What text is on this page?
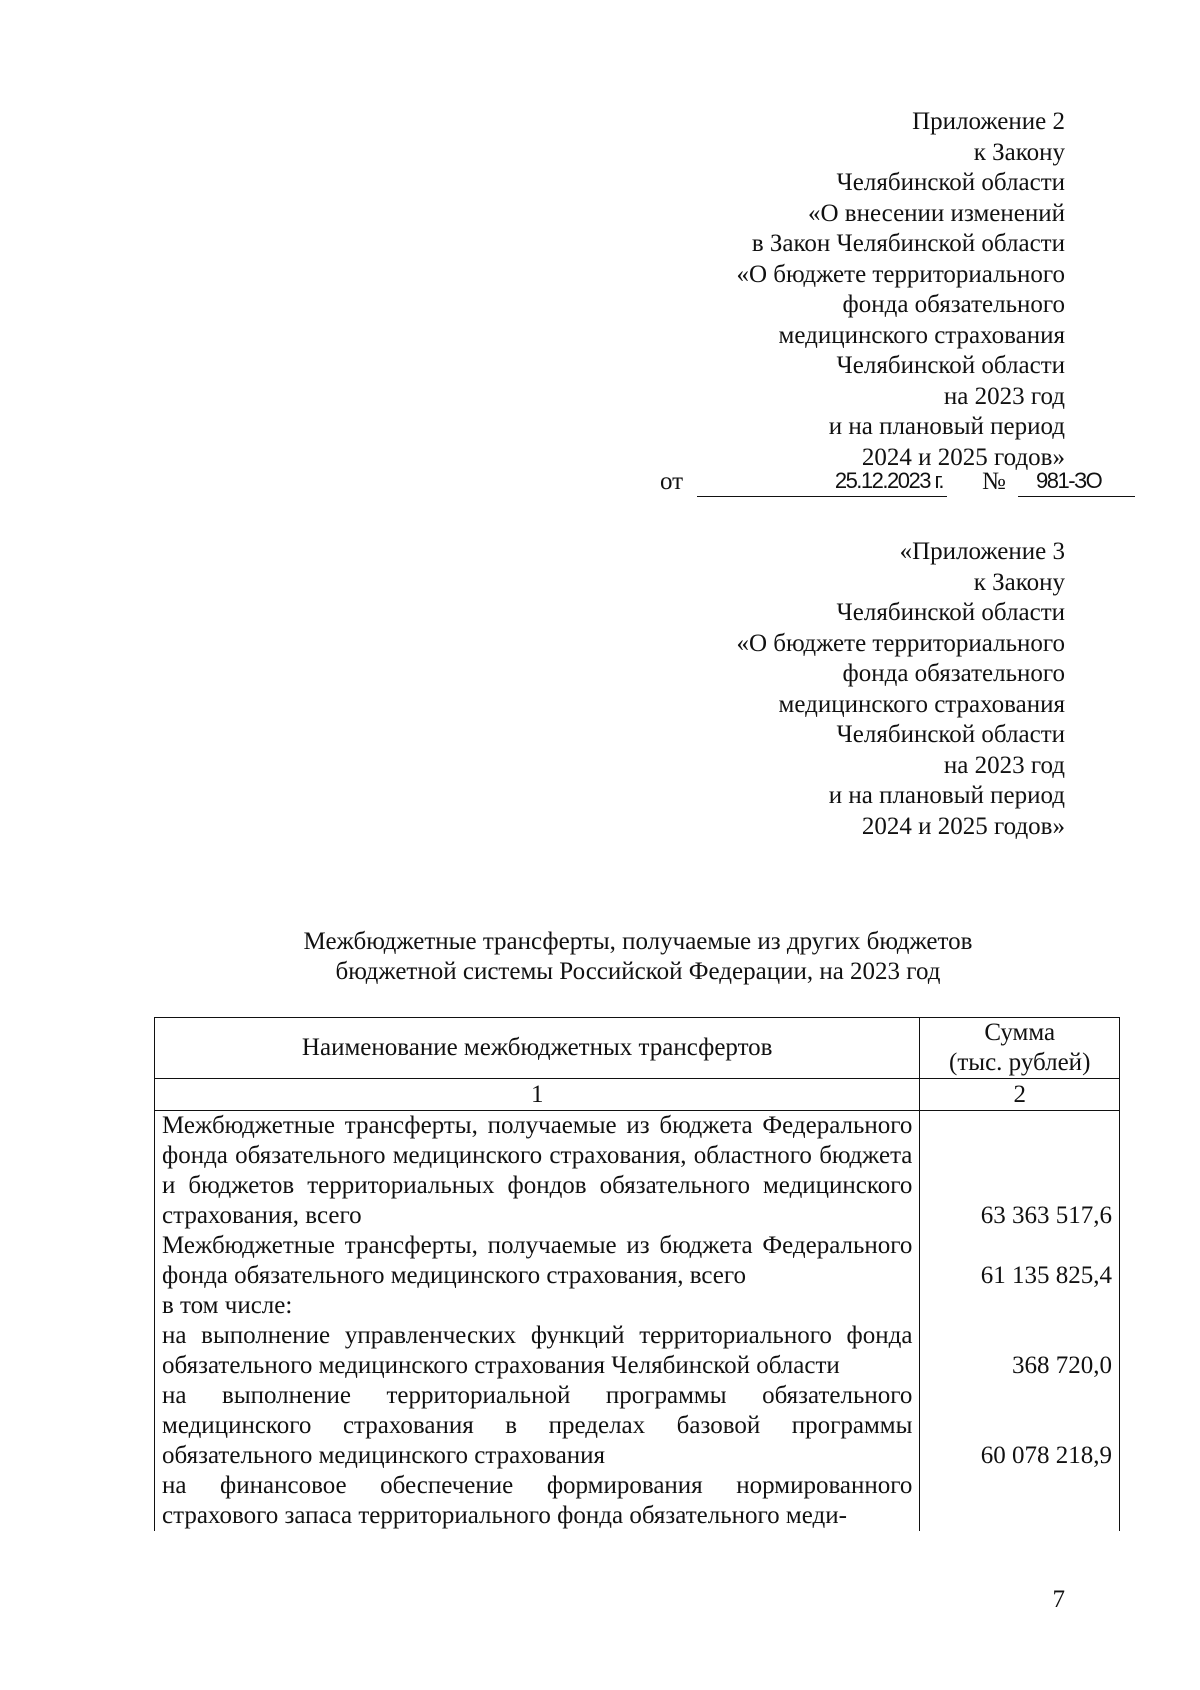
Приложение 2
к Закону
Челябинской области
«О внесении изменений
в Закон Челябинской области
«О бюджете территориального
фонда обязательного
медицинского страхования
Челябинской области
на 2023 год
и на плановый период
2024 и 2025 годов»
от	25.12.2023 г. № 981-ЗО
«Приложение 3
к Закону
Челябинской области
«О бюджете территориального
фонда обязательного
медицинского страхования
Челябинской области
на 2023 год
и на плановый период
2024 и 2025 годов»
Межбюджетные трансферты, получаемые из других бюджетов
бюджетной системы Российской Федерации, на 2023 год
Наименование межбюджетных трансфертов	Сумма
(тыс. рублей)
1	2
Межбюджетные трансферты, получаемые из бюджета Федерального фонда обязательного медицинского страхования, областного бюджета и бюджетов территориальных фондов обязательного медицинского страхования, всего	63 363 517,6
Межбюджетные трансферты, получаемые из бюджета Федерального фонда обязательного медицинского страхования, всего	61 135 825,4
в том числе:	
на выполнение управленческих функций территориального фонда обязательного медицинского страхования Челябинской области	368 720,0
на выполнение территориальной программы обязательного медицинского страхования в пределах базовой программы обязательного медицинского страхования	60 078 218,9
на финансовое обеспечение формирования нормированного страхового запаса территориального фонда обязательного меди-	
7
